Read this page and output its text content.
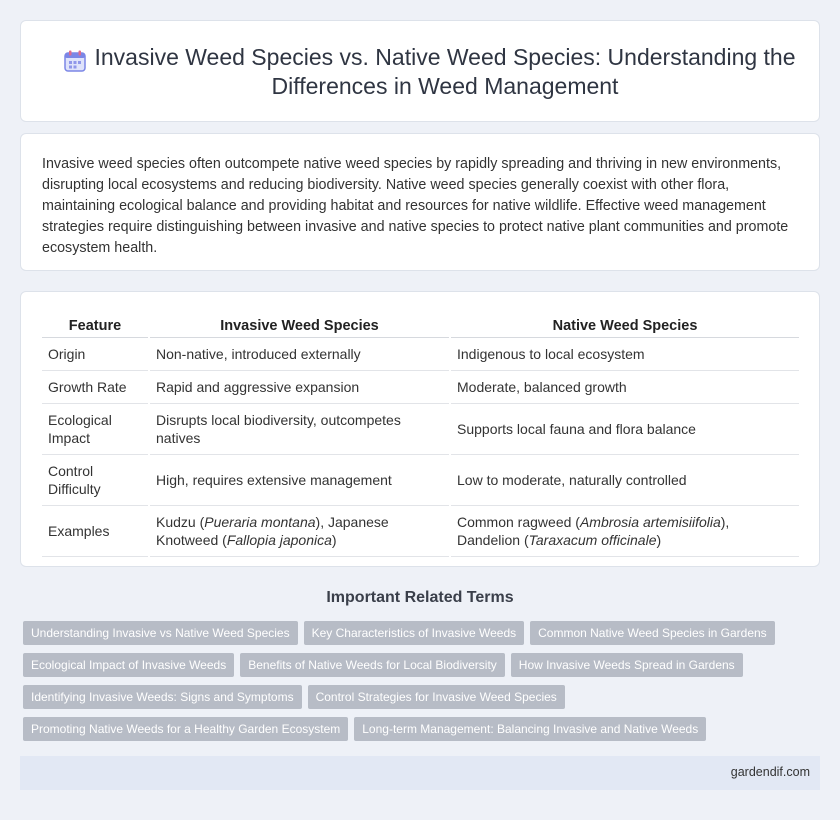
Invasive Weed Species vs. Native Weed Species: Understanding the Differences in Weed Management

Invasive weed species often outcompete native weed species by rapidly spreading and thriving in new environments, disrupting local ecosystems and reducing biodiversity. Native weed species generally coexist with other flora, maintaining ecological balance and providing habitat and resources for native wildlife. Effective weed management strategies require distinguishing between invasive and native species to protect native plant communities and promote ecosystem health.

Feature	Invasive Weed Species	Native Weed Species
Origin	Non-native, introduced externally	Indigenous to local ecosystem
Growth Rate	Rapid and aggressive expansion	Moderate, balanced growth
Ecological Impact	Disrupts local biodiversity, outcompetes natives	Supports local fauna and flora balance
Control Difficulty	High, requires extensive management	Low to moderate, naturally controlled
Examples	Kudzu (Pueraria montana), Japanese Knotweed (Fallopia japonica)	Common ragweed (Ambrosia artemisiifolia), Dandelion (Taraxacum officinale)
Important Related Terms
Understanding Invasive vs Native Weed Species Key Characteristics of Invasive Weeds Common Native Weed Species in Gardens
Ecological Impact of Invasive Weeds Benefits of Native Weeds for Local Biodiversity How Invasive Weeds Spread in Gardens
Identifying Invasive Weeds: Signs and Symptoms Control Strategies for Invasive Weed Species
Promoting Native Weeds for a Healthy Garden Ecosystem Long-term Management: Balancing Invasive and Native Weeds
gardendif.com
